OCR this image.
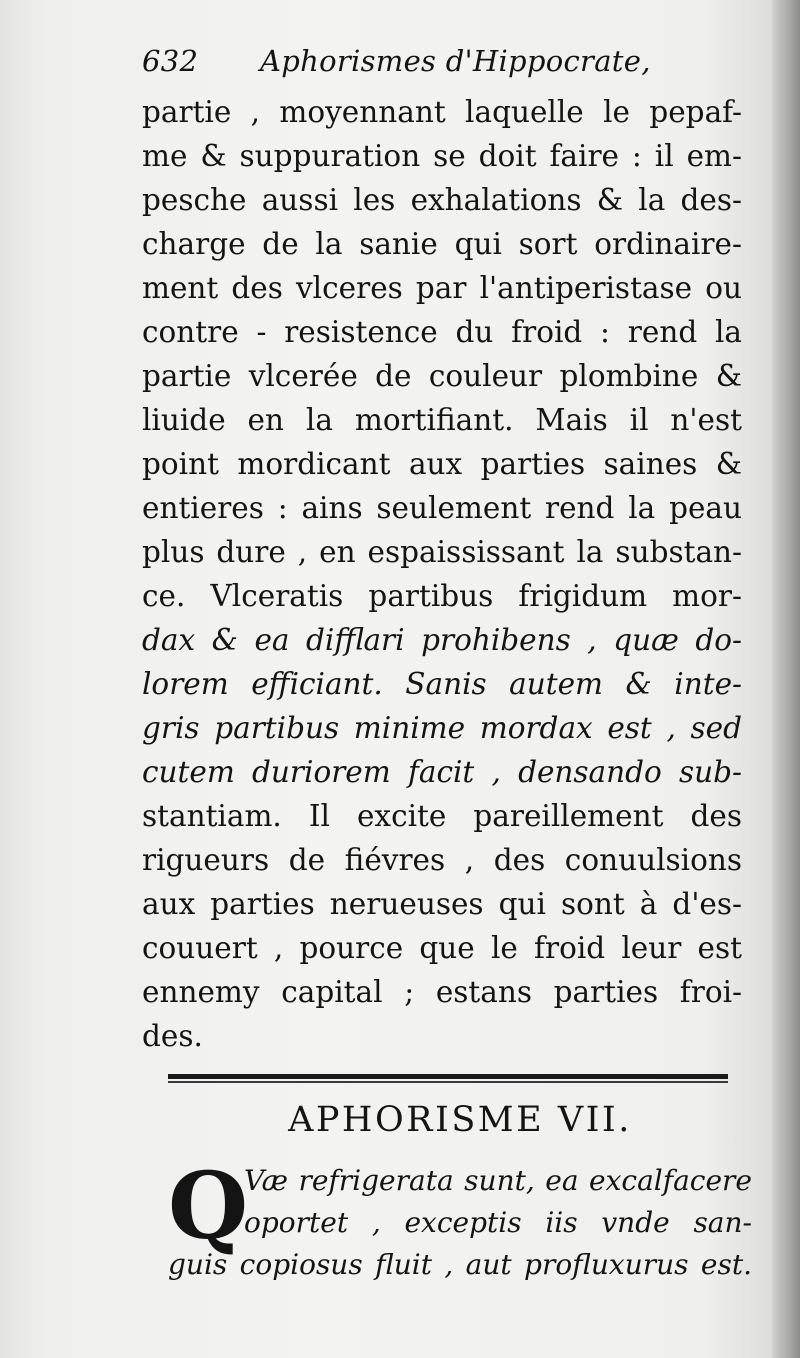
632	Aphorismes d'Hippocrate,
partie , moyennant laquelle le pepaf-
me & suppuration se doit faire : il em-
pesche aussi les exhalations & la des-
charge de la sanie qui sort ordinaire-
ment des vlceres par l'antiperistase ou
contre - resistence du froid : rend la
partie vlcerée de couleur plombine &
liuide en la mortifiant. Mais il n'est
point mordicant aux parties saines &
entieres : ains seulement rend la peau
plus dure , en espaississant la substan-
ce. Vlceratis partibus frigidum mor-
dax & ea difflari prohibens , quæ do-
lorem efficiant. Sanis autem & inte-
gris partibus minime mordax est , sed
cutem duriorem facit , densando sub-
stantiam. Il excite pareillement des
rigueurs de fiévres , des conuulsions
aux parties nerueuses qui sont à d'es-
couuert , pource que le froid leur est
ennemy capital ; estans parties froi-
des.
APHORISME VII.
Q
Væ refrigerata sunt, ea excalfacere
oportet , exceptis iis vnde san-
guis copiosus fluit , aut profluxurus est.
